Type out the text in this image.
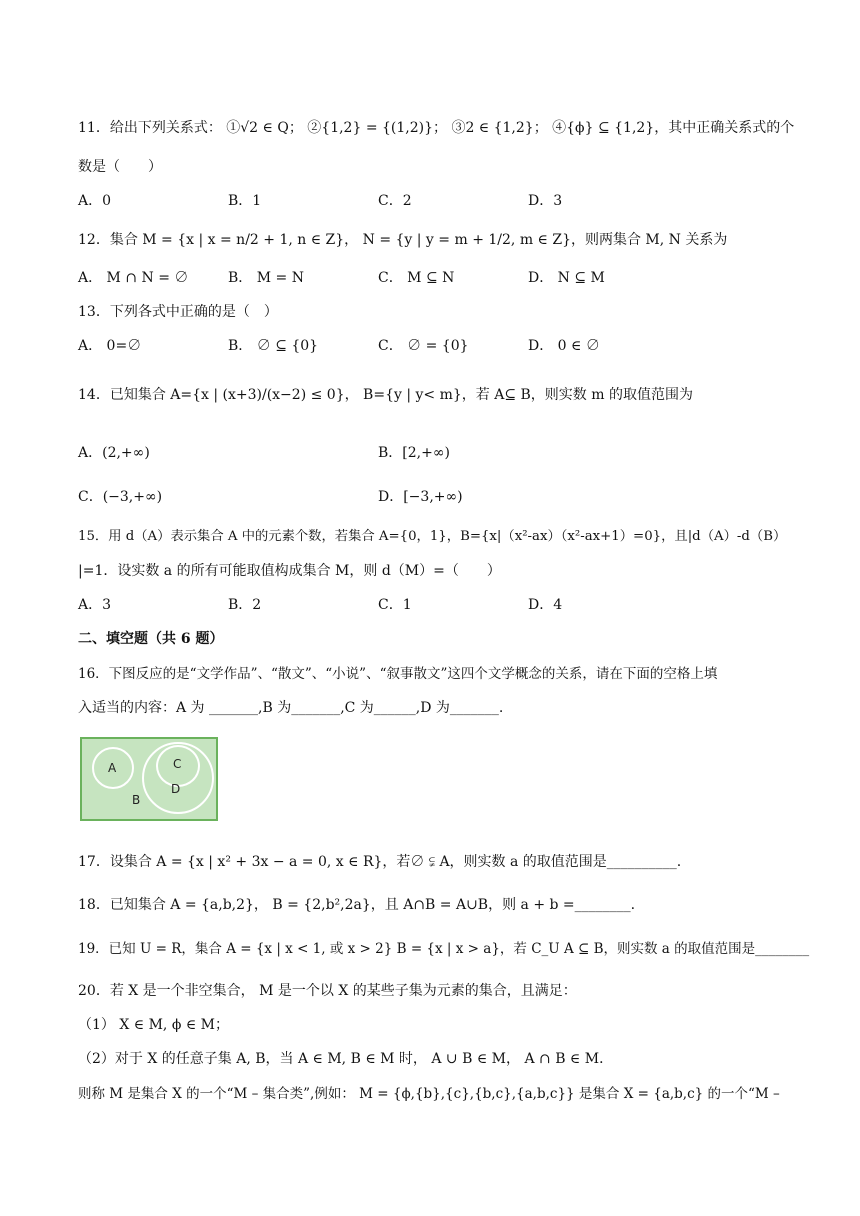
11．给出下列关系式： ①√2 ∈ Q； ②{1,2} = {(1,2)}； ③2 ∈ {1,2}； ④{ϕ} ⊆ {1,2}，其中正确关系式的个
数是（　　）
A．0	B．1	C．2	D．3
12．集合 M = {x | x = n/2 + 1, n ∈ Z}， N = {y | y = m + 1/2, m ∈ Z}，则两集合 M, N 关系为
A． M ∩ N = ∅	B． M = N	C． M ⊆ N	D． N ⊆ M
13．下列各式中正确的是（　）
A． 0=∅	B． ∅ ⊆ {0}	C． ∅ = {0}	D． 0 ∈ ∅
14．已知集合 A={x | (x+3)/(x−2) ≤ 0}， B={y | y< m}，若 A⊆ B，则实数 m 的取值范围为
A．(2,+∞)	B．[2,+∞)
C．(−3,+∞)	D．[−3,+∞)
15．用 d（A）表示集合 A 中的元素个数，若集合 A={0，1}，B={x|（x²-ax）（x²-ax+1）=0}，且|d（A）-d（B）
|=1．设实数 a 的所有可能取值构成集合 M，则 d（M）=（　　）
A．3	B．2	C．1	D．4
二、填空题（共 6 题）
16．下图反应的是“文学作品”、“散文”、“小说”、“叙事散文”这四个文学概念的关系，请在下面的空格上填
入适当的内容：A 为 _______,B 为_______,C 为______,D 为_______.
A
B
C
D
17．设集合 A = {x | x² + 3x − a = 0, x ∈ R}，若∅ ⫋ A，则实数 a 的取值范围是__________.
18．已知集合 A = {a,b,2}， B = {2,b²,2a}，且 A∩B = A∪B，则 a + b =________.
19．已知 U = R，集合 A = {x | x < 1, 或 x > 2} B = {x | x > a}，若 C_U A ⊆ B，则实数 a 的取值范围是________
20．若 X 是一个非空集合， M 是一个以 X 的某些子集为元素的集合，且满足：
（1） X ∈ M, ϕ ∈ M；
（2）对于 X 的任意子集 A, B，当 A ∈ M, B ∈ M 时， A ∪ B ∈ M， A ∩ B ∈ M．
则称 M 是集合 X 的一个“M – 集合类”,例如： M = {ϕ,{b},{c},{b,c},{a,b,c}} 是集合 X = {a,b,c} 的一个“M –
